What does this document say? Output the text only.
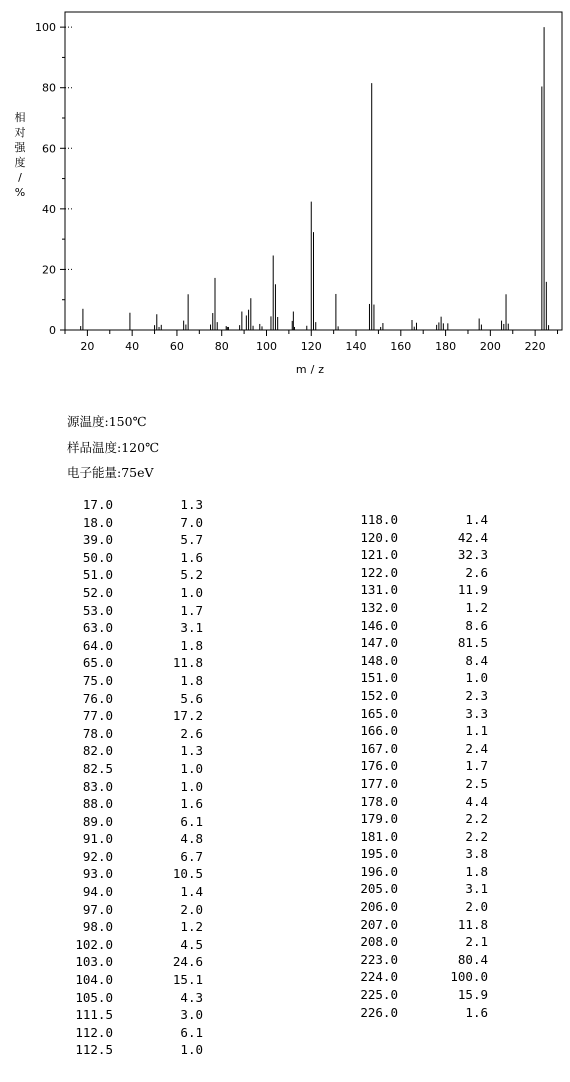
0
20
40
60
80
100
20	40	60	80 100 120 140 160 180 200 220
m/z
相对强度/ %
源温度:150℃
样品温度:120℃
电子能量:75eV
17.0	1.3
18.0	7.0
39.0	5.7
50.0	1.6
51.0	5.2
52.0	1.0
53.0	1.7
63.0	3.1
64.0	1.8
65.0	11.8
75.0	1.8
76.0	5.6
77.0	17.2
78.0	2.6
82.0	1.3
82.5	1.0
83.0	1.0
88.0	1.6
89.0	6.1
91.0	4.8
92.0	6.7
93.0	10.5
94.0	1.4
97.0	2.0
98.0	1.2
102.0	4.5
103.0	24.6
104.0	15.1
105.0	4.3
111.5	3.0
112.0	6.1
112.5	1.0
118.0	1.4
120.0	42.4
121.0	32.3
122.0	2.6
131.0	11.9
132.0	1.2
146.0	8.6
147.0	81.5
148.0	8.4
151.0	1.0
152.0	2.3
165.0	3.3
166.0	1.1
167.0	2.4
176.0	1.7
177.0	2.5
178.0	4.4
179.0	2.2
181.0	2.2
195.0	3.8
196.0	1.8
205.0	3.1
206.0	2.0
207.0	11.8
208.0	2.1
223.0	80.4
224.0	100.0
225.0	15.9
226.0	1.6
